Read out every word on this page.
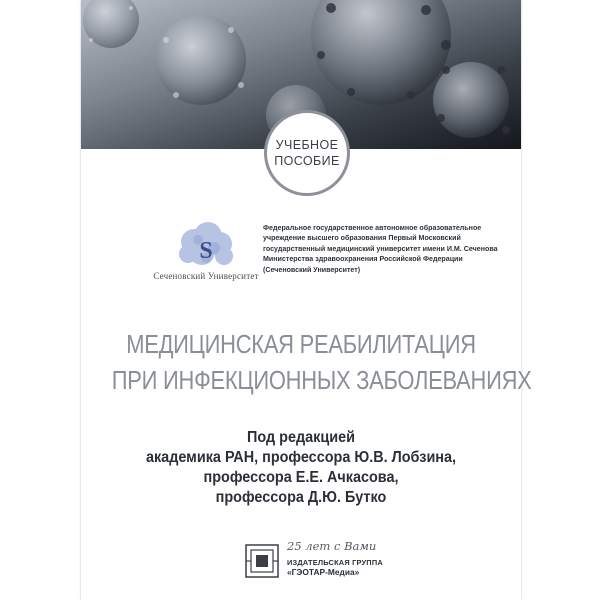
УЧЕБНОЕ
ПОСОБИЕ
S
Сеченовский Университет
Федеральное государственное автономное образовательное
учреждение высшего образования Первый Московский
государственный медицинский университет имени И.М. Сеченова
Министерства здравоохранения Российской Федерации
(Сеченовский Университет)
МЕДИЦИНСКАЯ РЕАБИЛИТАЦИЯ
ПРИ ИНФЕКЦИОННЫХ ЗАБОЛЕВАНИЯХ
Под редакцией
академика РАН, профессора Ю.В. Лобзина,
профессора Е.Е. Ачкасова,
профессора Д.Ю. Бутко
25 лет с Вами
ИЗДАТЕЛЬСКАЯ ГРУППА
«ГЭОТАР-Медиа»
